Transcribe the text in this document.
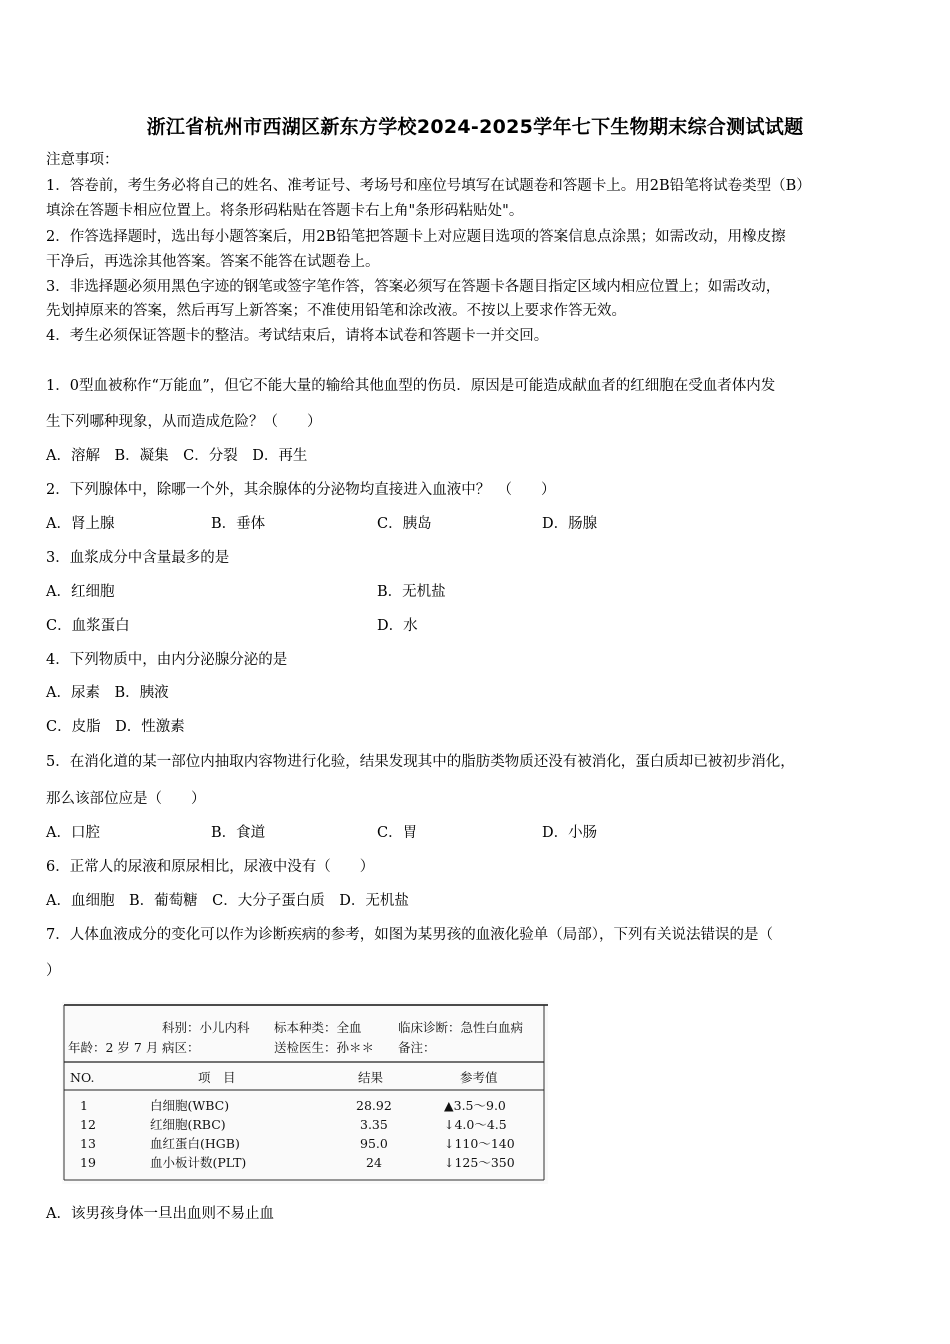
浙江省杭州市西湖区新东方学校2024-2025学年七下生物期末综合测试试题
注意事项：
1．答卷前，考生务必将自己的姓名、准考证号、考场号和座位号填写在试题卷和答题卡上。用2B铅笔将试卷类型（B）
填涂在答题卡相应位置上。将条形码粘贴在答题卡右上角"条形码粘贴处"。
2．作答选择题时，选出每小题答案后，用2B铅笔把答题卡上对应题目选项的答案信息点涂黑；如需改动，用橡皮擦
干净后，再选涂其他答案。答案不能答在试题卷上。
3．非选择题必须用黑色字迹的钢笔或签字笔作答，答案必须写在答题卡各题目指定区域内相应位置上；如需改动，
先划掉原来的答案，然后再写上新答案；不准使用铅笔和涂改液。不按以上要求作答无效。
4．考生必须保证答题卡的整洁。考试结束后，请将本试卷和答题卡一并交回。
1．0型血被称作“万能血”，但它不能大量的输给其他血型的伤员．原因是可能造成献血者的红细胞在受血者体内发
生下列哪种现象，从而造成危险？（　　）
A．溶解　B．凝集　C．分裂　D．再生
2．下列腺体中，除哪一个外，其余腺体的分泌物均直接进入血液中？　（　　）
A．肾上腺	B．垂体	C．胰岛	D．肠腺
3．血浆成分中含量最多的是
A．红细胞	B．无机盐
C．血浆蛋白	D．水
4．下列物质中，由内分泌腺分泌的是
A．尿素　B．胰液
C．皮脂　D．性激素
5．在消化道的某一部位内抽取内容物进行化验，结果发现其中的脂肪类物质还没有被消化，蛋白质却已被初步消化，
那么该部位应是（　　）
A．口腔	B．食道	C．胃	D．小肠
6．正常人的尿液和原尿相比，尿液中没有（　　）
A．血细胞　B．葡萄糖　C．大分子蛋白质　D．无机盐
7．人体血液成分的变化可以作为诊断疾病的参考，如图为某男孩的血液化验单（局部），下列有关说法错误的是（
）
科别：小儿内科 标本种类：全血	临床诊断：急性白血病
年龄：2 岁 7 月 病区：	送检医生：孙＊＊ 备注：
NO.	项　目	结果	参考值
1	白细胞(WBC)	28.92	▲3.5～9.0
12	红细胞(RBC)	3.35	↓4.0～4.5
13	血红蛋白(HGB)	95.0	↓110～140
19	血小板计数(PLT)	24	↓125～350
A．该男孩身体一旦出血则不易止血
